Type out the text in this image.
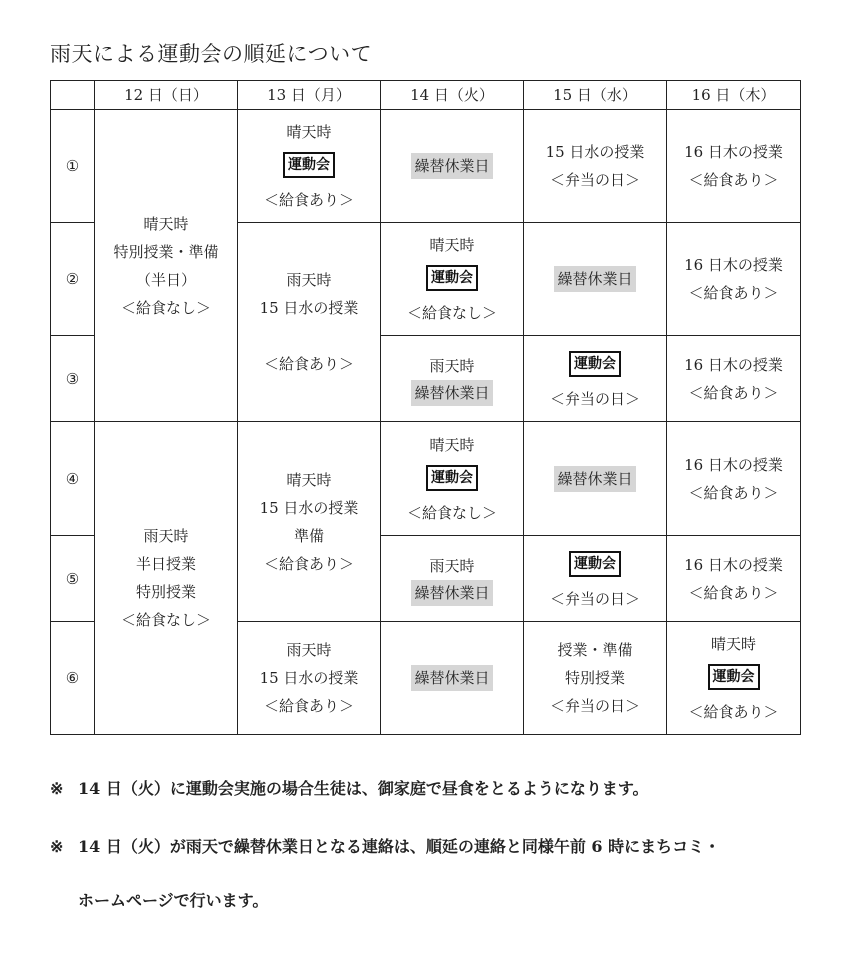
雨天による運動会の順延について
	12 日（日）	13 日（月）	14 日（火）	15 日（水）	16 日（木）
①	晴天時
特別授業・準備
（半日）
＜給食なし＞	晴天時
運動会
＜給食あり＞	繰替休業日	15 日水の授業
＜弁当の日＞	16 日木の授業
＜給食あり＞

②		雨天時
15 日水の授業
＜給食あり＞	晴天時
運動会
＜給食なし＞	繰替休業日	16 日木の授業
＜給食あり＞

③			雨天時
繰替休業日	運動会
＜弁当の日＞	16 日木の授業
＜給食あり＞

④	雨天時
半日授業
特別授業
＜給食なし＞	晴天時
15 日水の授業
準備
＜給食あり＞	晴天時
運動会
＜給食なし＞	繰替休業日	16 日木の授業
＜給食あり＞

⑤			雨天時
繰替休業日	運動会
＜弁当の日＞	16 日木の授業
＜給食あり＞

⑥		雨天時
15 日水の授業
＜給食あり＞	繰替休業日	授業・準備
特別授業
＜弁当の日＞	晴天時
運動会
＜給食あり＞
※ 14 日（火）に運動会実施の場合生徒は、御家庭で昼食をとるようになります。
※ 14 日（火）が雨天で繰替休業日となる連絡は、順延の連絡と同様午前 6 時にまちコミ・
ホームページで行います。
